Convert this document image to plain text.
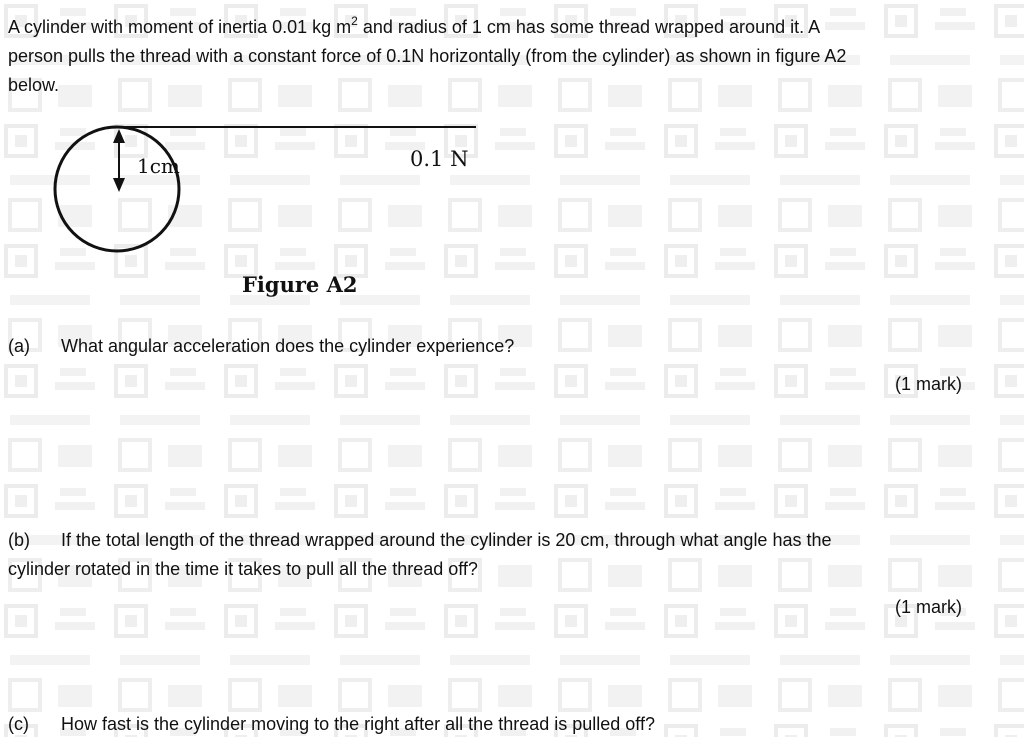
A cylinder with moment of inertia 0.01 kg $m^2$ and radius of 1 cm has some thread wrapped around it. A
person pulls the thread with a constant force of 0.1N horizontally (from the cylinder) as shown in figure A2
below.
1cm	0.1 N
Figure A2
(a) What angular acceleration does the cylinder experience?
(1 mark)
(b) If the total length of the thread wrapped around the cylinder is 20 cm, through what angle has the
cylinder rotated in the time it takes to pull all the thread off?
(1 mark)
(c) How fast is the cylinder moving to the right after all the thread is pulled off?
